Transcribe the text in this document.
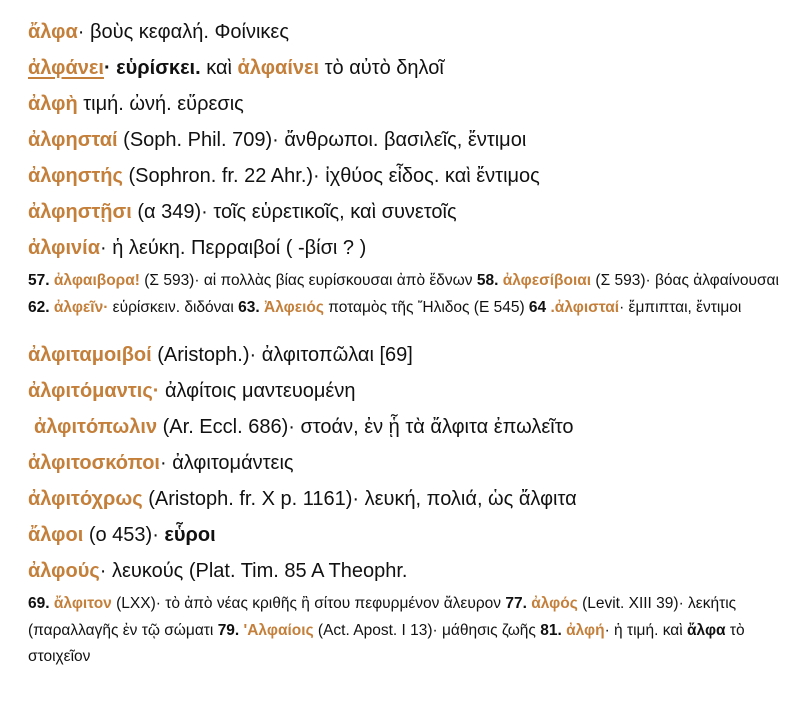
ἄλφα· βοὺς κεφαλή. Φοίνικες
ἀλφάνει· εὑρίσκει. καὶ ἀλφαίνει τὸ αὐτὸ δηλοῖ
ἀλφὴ τιμή. ὠνή. εὕρεσις
ἀλφησταί (Soph. Phil. 709)· ἄνθρωποι. βασιλεῖς, ἔντιμοι
ἀλφηστής (Sophron. fr. 22 Ahr.)· ἰχθύος εἶδος. καὶ ἔντιμος
ἀλφηστῇσι (α 349)· τοῖς εὑρετικοῖς, καὶ συνετοῖς
ἀλφινία· ἡ λεύκη. Περραιβοί ( -βίσι ? )
57. ἀλφαιβορα! (Σ 593)· αἱ πολλὰς βίας ευρίσκουσαι ἀπὸ ἕδνων 58. ἀλφεσίβοιαι (Σ 593)· βόας ἀλφαίνουσαι 62. ἀλφεῖν· εὑρίσκειν. διδόναι 63. Ἀλφειός ποταμὸς τῆς Ἤλιδος (Ε 545) 64 .ἀλφισταί· ἔμπιπται, ἔντιμοι
ἀλφιταμοιβοί (Aristoph.)· ἀλφιτοπῶλαι [69]
ἀλφιτόμαντις· ἀλφίτοις μαντευομένη
ἀλφιτόπωλιν (Ar. Eccl. 686)· στοάν, ἐν ᾗ τὰ ἄλφιτα ἐπωλεῖτο
ἀλφιτοσκόποι· ἀλφιτομάντεις
ἀλφιτόχρως (Aristoph. fr. X p. 1161)· λευκή, πολιά, ὡς ἄλφιτα
ἄλφοι (ο 453)· εὗροι
ἀλφούς· λευκούς (Plat. Tim. 85 A Theophr.
69. ἄλφιτον (LXX)· τὸ ἀπὸ νέας κριθῆς ἢ σίτου πεφυρμένον ἄλευρον 77. ἀλφός (Levit. XIII 39)· λεκήτις (παραλλαγῆς ἐν τῷ σώματι 79. 'Αλφαίοις (Act. Apost. I 13)· μάθησις ζωῆς 81. ἀλφή· ἡ τιμή. καὶ ἄλφα τὸ στοιχεῖον
